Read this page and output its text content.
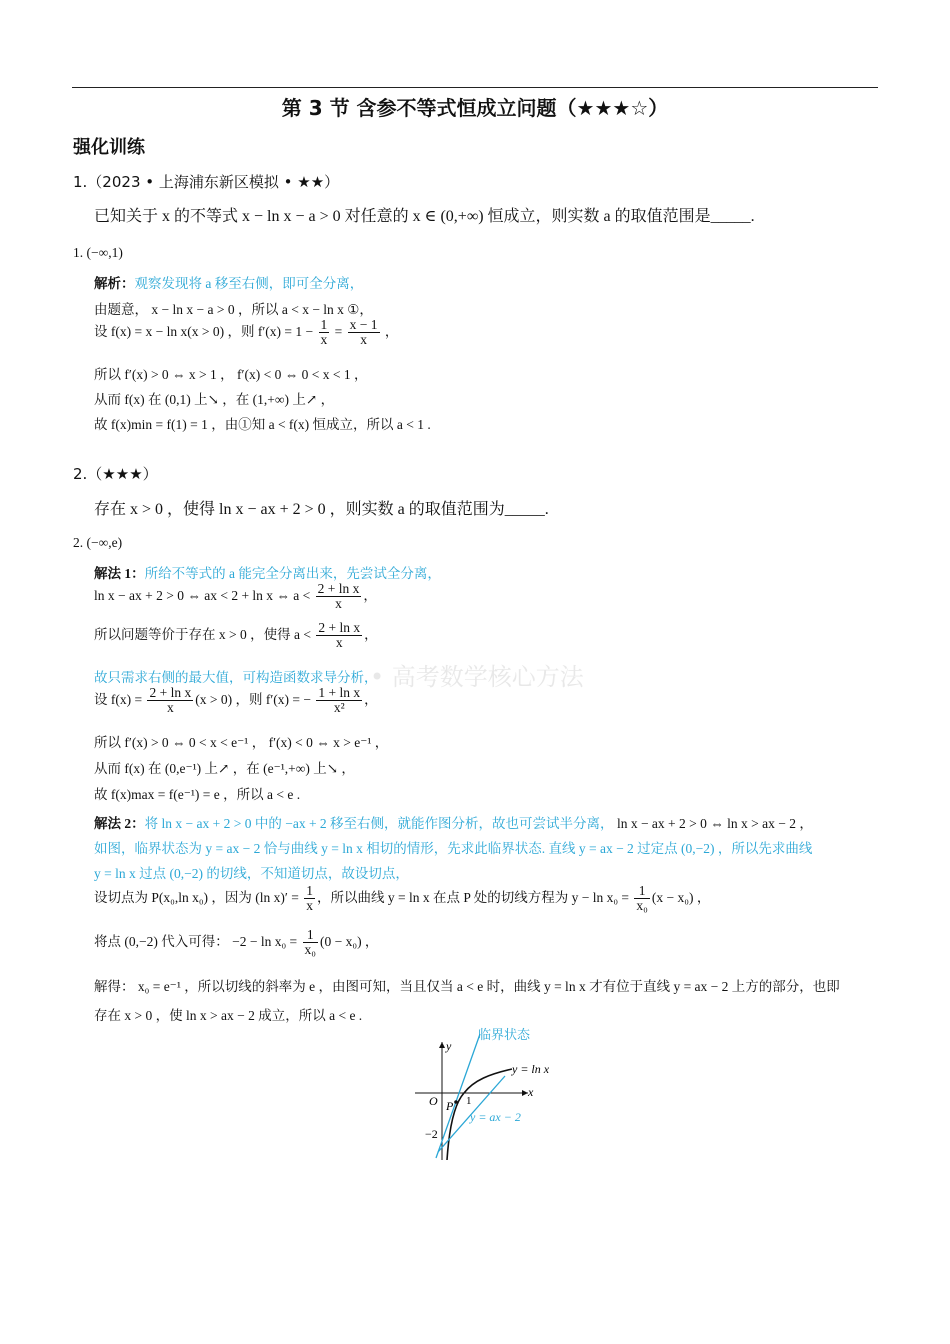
第 3 节 含参不等式恒成立问题（★★★☆）
强化训练
1.（2023 • 上海浦东新区模拟 • ★★）
已知关于 x 的不等式 x − ln x − a > 0 对任意的 x ∈ (0,+∞) 恒成立，则实数 a 的取值范围是_____.
1. (−∞,1)
解析：观察发现将 a 移至右侧，即可全分离，
由题意， x − ln x − a > 0 ，所以 a < x − ln x ①，
设 f(x) = x − ln x(x > 0) ，则 $f'(x) = 1 - \frac{1}{x} = \frac{x - 1}{x}$ ，
所以 f′(x) > 0 ⇔ x > 1 ， f′(x) < 0 ⇔ 0 < x < 1 ，
从而 f(x) 在 (0,1) 上↘ ，在 (1,+∞) 上↗ ，
故 f(x)min = f(1) = 1 ，由①知 a < f(x) 恒成立，所以 a < 1 .
2.（★★★）
存在 x > 0 ，使得 ln x − ax + 2 > 0 ，则实数 a 的取值范围为_____.
2. (−∞,e)
解法 1：所给不等式的 a 能完全分离出来，先尝试全分离，
ln x − ax + 2 > 0 ⇔ ax < 2 + ln x ⇔ $a < \frac{\text{2 + ln x}}{x}$ ，
所以问题等价于存在 x > 0 ，使得 $a < \frac{\text{2 + ln x}}{x}$ ，
故只需求右侧的最大值，可构造函数求导分析，
• 高考数学核心方法
设 $f(x) = \frac{\text{2 + ln x}}{x} (x > 0)$ ，则 f′(x) = − $\frac{\text{1 + ln x}}{\text{x²}}$ ，
所以 f′(x) > 0 ⇔ 0 < x < e⁻¹ ， f′(x) < 0 ⇔ x > e⁻¹ ，
从而 f(x) 在 (0,e⁻¹) 上↗ ，在 (e⁻¹,+∞) 上↘ ，
故 f(x)max = f(e⁻¹) = e ，所以 a < e .
解法 2：将 ln x − ax + 2 > 0 中的 −ax + 2 移至右侧，就能作图分析，故也可尝试半分离， ln x − ax + 2 > 0 ⇔ ln x > ax − 2 ，
如图，临界状态为 y = ax − 2 恰与曲线 y = ln x 相切的情形，先求此临界状态. 直线 y = ax − 2 过定点 (0,−2) ，所以先求曲线
y = ln x 过点 (0,−2) 的切线，不知道切点，故设切点，
设切点为 P(x₀,ln x₀) ，因为 (ln $x)' = \frac{1}{x}$ ，所以曲线 y = ln x 在点 P 处的切线方程为 $y - \ln x_0 = \frac{1}{\text{x₀}} (x - x_0)$ ，
将点 (0,−2) 代入可得： $-2 - \ln x_0 = \frac{1}{\text{x₀}} (0 - x_0)$ ，
解得： x₀ = e⁻¹ ，所以切线的斜率为 e ，由图可知，当且仅当 a < e 时，曲线 y = ln x 才有位于直线 y = ax − 2 上方的部分，也即
存在 x > 0 ，使 ln x > ax − 2 成立，所以 a < e .
临界状态
y = ln x
x
y
O P 1
−2
y = ax − 2
